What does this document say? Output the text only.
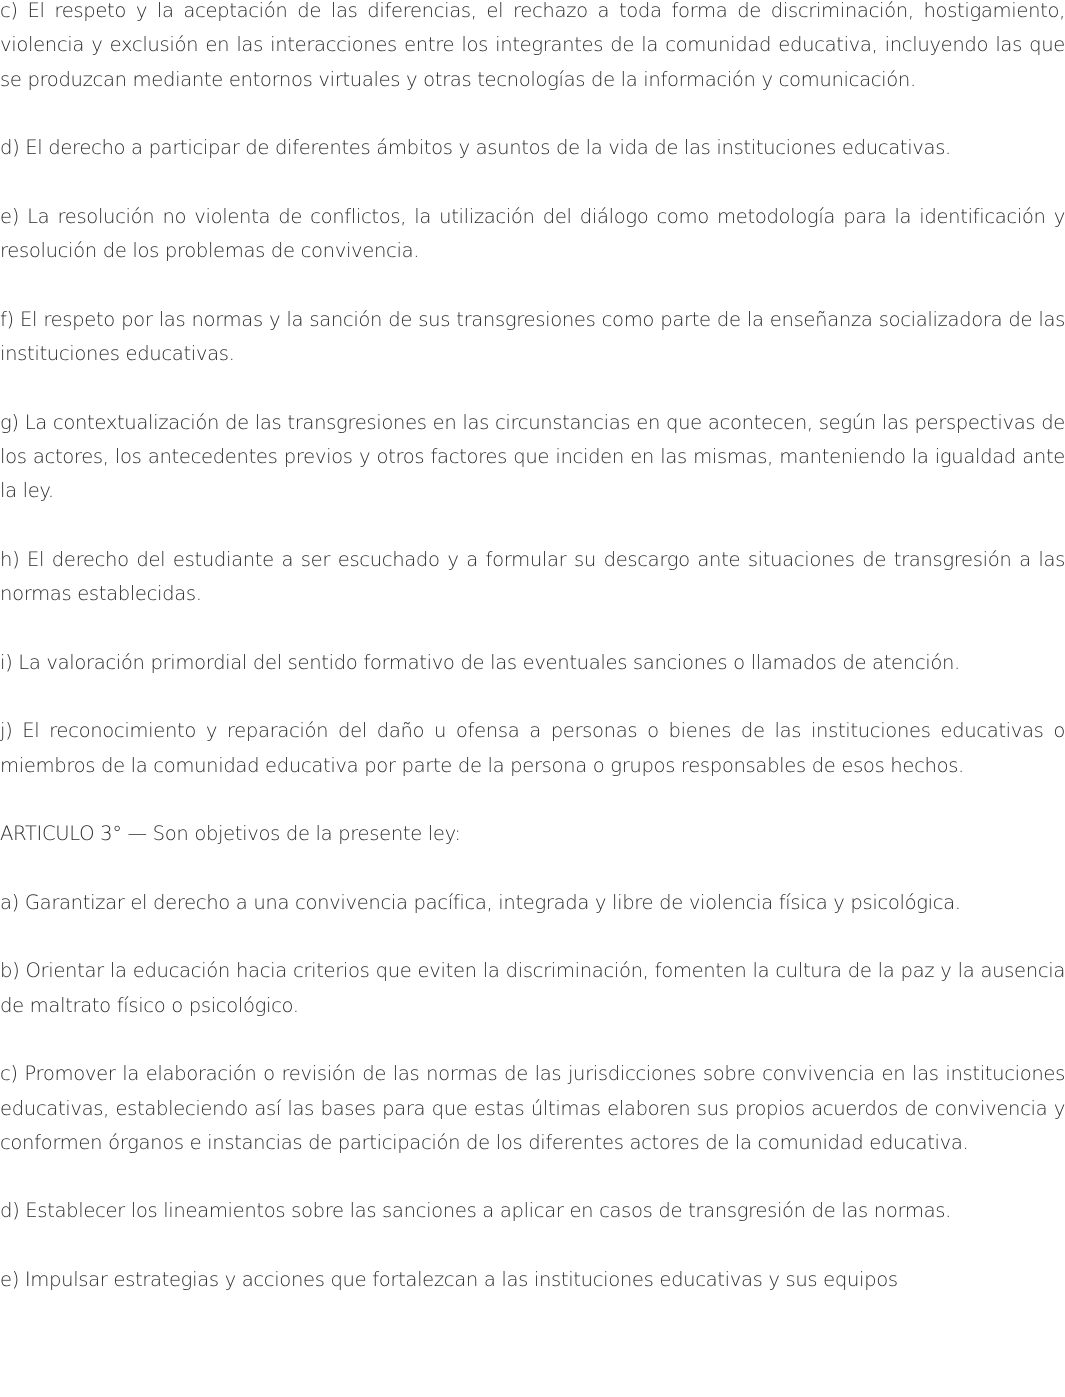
c) El respeto y la aceptación de las diferencias, el rechazo a toda forma de discriminación, hostigamiento, violencia y exclusión en las interacciones entre los integrantes de la comunidad educativa, incluyendo las que se produzcan mediante entornos virtuales y otras tecnologías de la información y comunicación.

d) El derecho a participar de diferentes ámbitos y asuntos de la vida de las instituciones educativas.

e) La resolución no violenta de conflictos, la utilización del diálogo como metodología para la identificación y resolución de los problemas de convivencia.

f) El respeto por las normas y la sanción de sus transgresiones como parte de la enseñanza socializadora de las instituciones educativas.

g) La contextualización de las transgresiones en las circunstancias en que acontecen, según las perspectivas de los actores, los antecedentes previos y otros factores que inciden en las mismas, manteniendo la igualdad ante la ley.

h) El derecho del estudiante a ser escuchado y a formular su descargo ante situaciones de transgresión a las normas establecidas.

i) La valoración primordial del sentido formativo de las eventuales sanciones o llamados de atención.

j) El reconocimiento y reparación del daño u ofensa a personas o bienes de las instituciones educativas o miembros de la comunidad educativa por parte de la persona o grupos responsables de esos hechos.

ARTICULO 3° — Son objetivos de la presente ley:

a) Garantizar el derecho a una convivencia pacífica, integrada y libre de violencia física y psicológica.

b) Orientar la educación hacia criterios que eviten la discriminación, fomenten la cultura de la paz y la ausencia de maltrato físico o psicológico.

c) Promover la elaboración o revisión de las normas de las jurisdicciones sobre convivencia en las instituciones educativas, estableciendo así las bases para que estas últimas elaboren sus propios acuerdos de convivencia y conformen órganos e instancias de participación de los diferentes actores de la comunidad educativa.

d) Establecer los lineamientos sobre las sanciones a aplicar en casos de transgresión de las normas.

e) Impulsar estrategias y acciones que fortalezcan a las instituciones educativas y sus equipos
